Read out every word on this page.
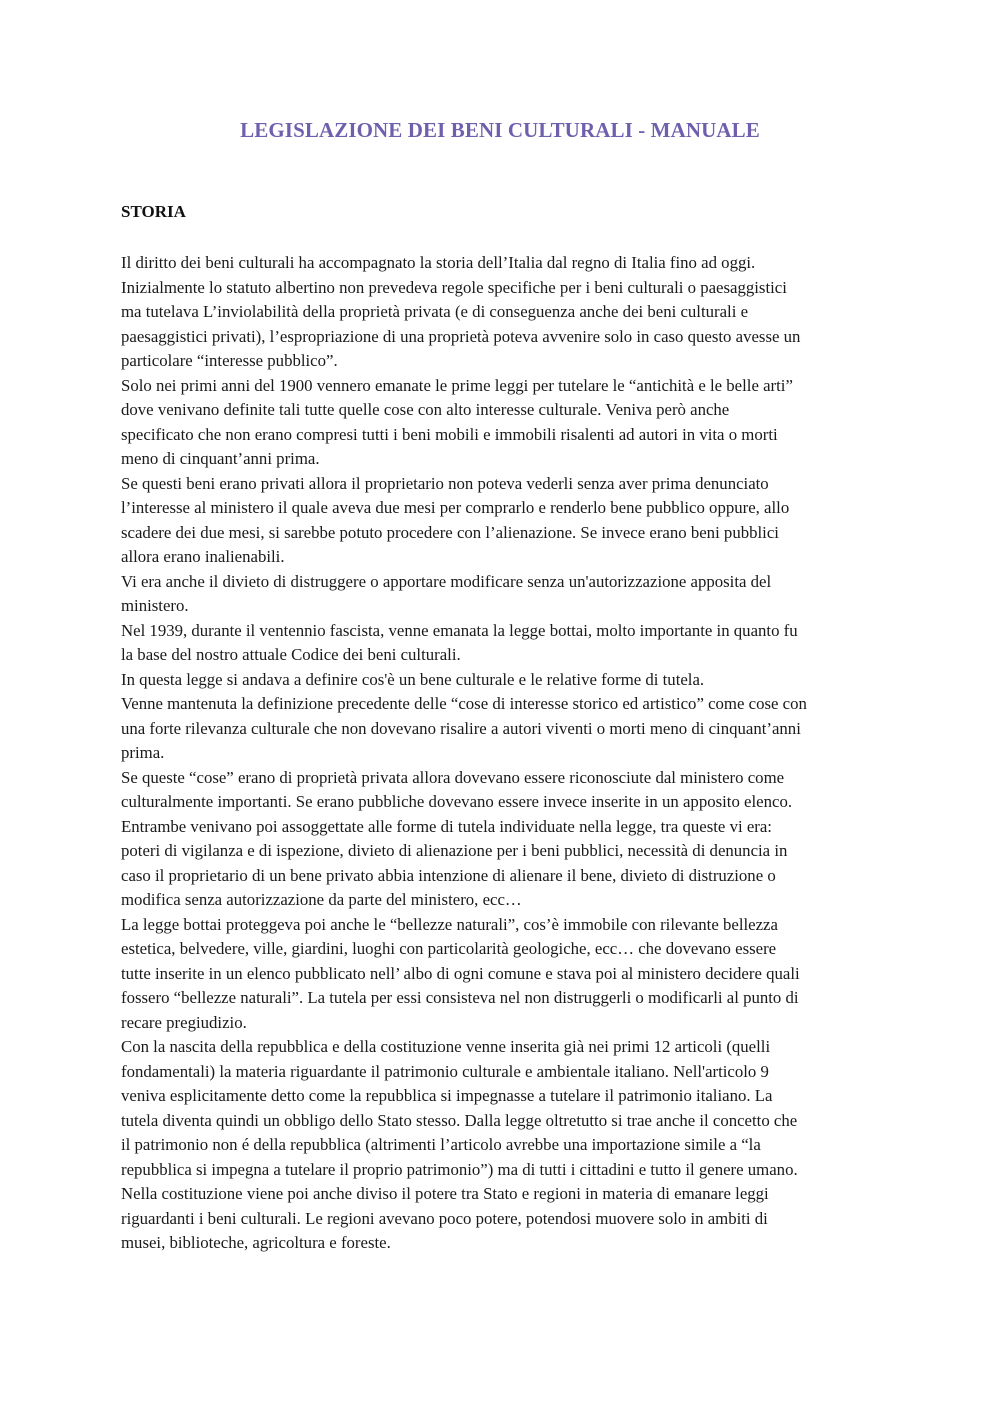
LEGISLAZIONE DEI BENI CULTURALI - MANUALE
STORIA
Il diritto dei beni culturali ha accompagnato la storia dell’Italia dal regno di Italia fino ad oggi.
Inizialmente lo statuto albertino non prevedeva regole specifiche per i beni culturali o paesaggistici
ma tutelava L’inviolabilità della proprietà privata (e di conseguenza anche dei beni culturali e
paesaggistici privati), l’espropriazione di una proprietà poteva avvenire solo in caso questo avesse un
particolare “interesse pubblico”.
Solo nei primi anni del 1900 vennero emanate le prime leggi per tutelare le “antichità e le belle arti”
dove venivano definite tali tutte quelle cose con alto interesse culturale. Veniva però anche
specificato che non erano compresi tutti i beni mobili e immobili risalenti ad autori in vita o morti
meno di cinquant’anni prima.
Se questi beni erano privati allora il proprietario non poteva vederli senza aver prima denunciato
l’interesse al ministero il quale aveva due mesi per comprarlo e renderlo bene pubblico oppure, allo
scadere dei due mesi, si sarebbe potuto procedere con l’alienazione. Se invece erano beni pubblici
allora erano inalienabili.
Vi era anche il divieto di distruggere o apportare modificare senza un'autorizzazione apposita del
ministero.
Nel 1939, durante il ventennio fascista, venne emanata la legge bottai, molto importante in quanto fu
la base del nostro attuale Codice dei beni culturali.
In questa legge si andava a definire cos'è un bene culturale e le relative forme di tutela.
Venne mantenuta la definizione precedente delle “cose di interesse storico ed artistico” come cose con
una forte rilevanza culturale che non dovevano risalire a autori viventi o morti meno di cinquant’anni
prima.
Se queste “cose” erano di proprietà privata allora dovevano essere riconosciute dal ministero come
culturalmente importanti. Se erano pubbliche dovevano essere invece inserite in un apposito elenco.
Entrambe venivano poi assoggettate alle forme di tutela individuate nella legge, tra queste vi era:
poteri di vigilanza e di ispezione, divieto di alienazione per i beni pubblici, necessità di denuncia in
caso il proprietario di un bene privato abbia intenzione di alienare il bene, divieto di distruzione o
modifica senza autorizzazione da parte del ministero, ecc…
La legge bottai proteggeva poi anche le “bellezze naturali”, cos’è immobile con rilevante bellezza
estetica, belvedere, ville, giardini, luoghi con particolarità geologiche, ecc… che dovevano essere
tutte inserite in un elenco pubblicato nell’ albo di ogni comune e stava poi al ministero decidere quali
fossero “bellezze naturali”. La tutela per essi consisteva nel non distruggerli o modificarli al punto di
recare pregiudizio.
Con la nascita della repubblica e della costituzione venne inserita già nei primi 12 articoli (quelli
fondamentali) la materia riguardante il patrimonio culturale e ambientale italiano. Nell'articolo 9
veniva esplicitamente detto come la repubblica si impegnasse a tutelare il patrimonio italiano. La
tutela diventa quindi un obbligo dello Stato stesso. Dalla legge oltretutto si trae anche il concetto che
il patrimonio non é della repubblica (altrimenti l’articolo avrebbe una importazione simile a “la
repubblica si impegna a tutelare il proprio patrimonio”) ma di tutti i cittadini e tutto il genere umano.
Nella costituzione viene poi anche diviso il potere tra Stato e regioni in materia di emanare leggi
riguardanti i beni culturali. Le regioni avevano poco potere, potendosi muovere solo in ambiti di
musei, biblioteche, agricoltura e foreste.
